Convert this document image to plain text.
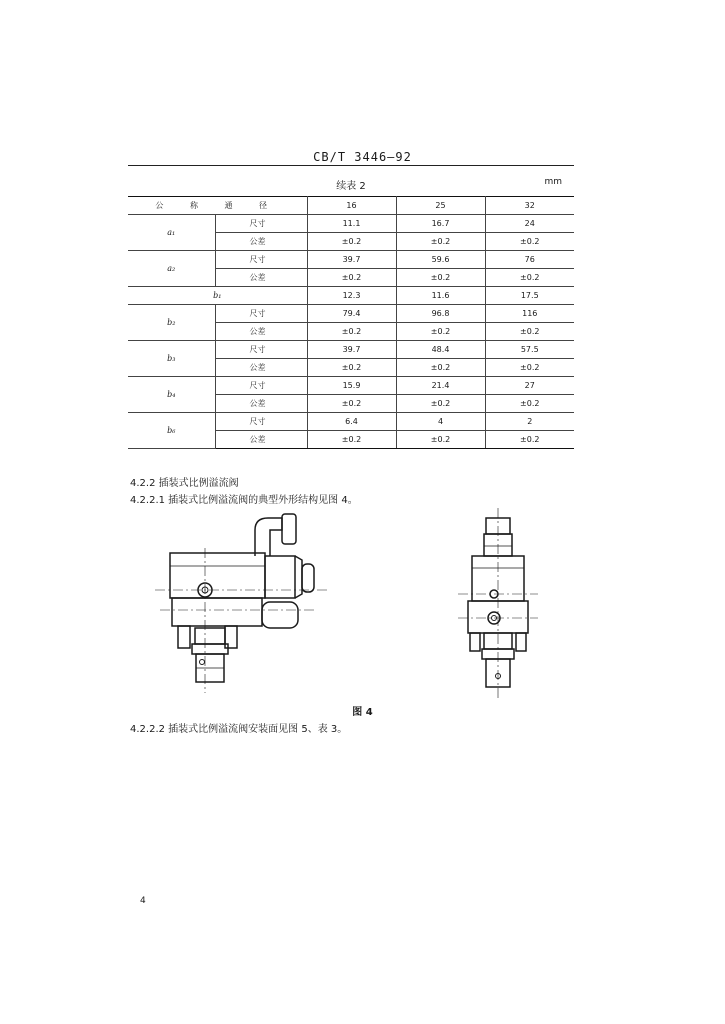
CB/T 3446—92
续表 2	mm
公 称 通 径		16	25	32
a₁	尺寸	11.1	16.7	24
	公差	±0.2	±0.2	±0.2
a₂	尺寸	39.7	59.6	76
	公差	±0.2	±0.2	±0.2
b₁		12.3	11.6	17.5
b₂	尺寸	79.4	96.8	116
	公差	±0.2	±0.2	±0.2
b₃	尺寸	39.7	48.4	57.5
	公差	±0.2	±0.2	±0.2
b₄	尺寸	15.9	21.4	27
	公差	±0.2	±0.2	±0.2
b₆	尺寸	6.4	4	2
	公差	±0.2	±0.2	±0.2
4.2.2 插装式比例溢流阀
4.2.2.1 插装式比例溢流阀的典型外形结构见图 4。
图 4
4.2.2.2 插装式比例溢流阀安装面见图 5、表 3。
4
